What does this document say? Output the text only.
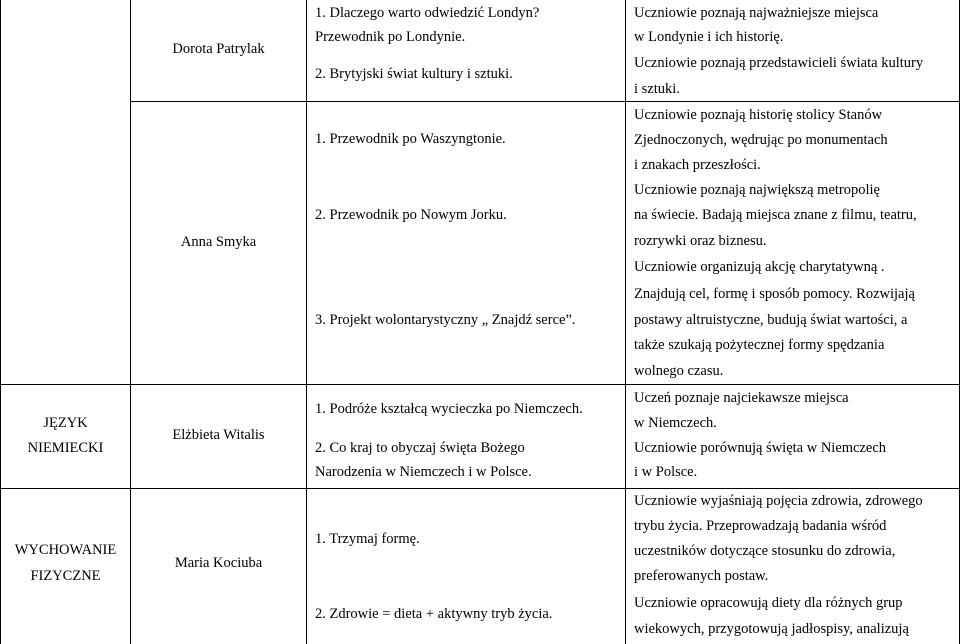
Dorota Patrylak
1. Dlaczego warto odwiedzić Londyn?
Przewodnik po Londynie.
2. Brytyjski świat kultury i sztuki.
Uczniowie poznają najważniejsze miejsca
w Londynie i ich historię.
Uczniowie poznają przedstawicieli świata kultury
i sztuki.
Anna Smyka
1. Przewodnik po Waszyngtonie.
2. Przewodnik po Nowym Jorku.
3. Projekt wolontarystyczny „ Znajdź serce”.
Uczniowie poznają historię stolicy Stanów
Zjednoczonych, wędrując po monumentach
i znakach przeszłości.
Uczniowie poznają największą metropolię
na świecie. Badają miejsca znane z filmu, teatru,
rozrywki oraz biznesu.
Uczniowie organizują akcję charytatywną .
Znajdują cel, formę i sposób pomocy. Rozwijają
postawy altruistyczne, budują świat wartości, a
także szukają pożytecznej formy spędzania
wolnego czasu.
JĘZYK
NIEMIECKI
Elżbieta Witalis
1. Podróże kształcą wycieczka po Niemczech.
2. Co kraj to obyczaj święta Bożego
Narodzenia w Niemczech i w Polsce.
Uczeń poznaje najciekawsze miejsca
w Niemczech.
Uczniowie porównują święta w Niemczech
i w Polsce.
WYCHOWANIE
FIZYCZNE
Maria Kociuba
1. Trzymaj formę.
2. Zdrowie = dieta + aktywny tryb życia.
Uczniowie wyjaśniają pojęcia zdrowia, zdrowego
trybu życia. Przeprowadzają badania wśród
uczestników dotyczące stosunku do zdrowia,
preferowanych postaw.
Uczniowie opracowują diety dla różnych grup
wiekowych, przygotowują jadłospisy, analizują
